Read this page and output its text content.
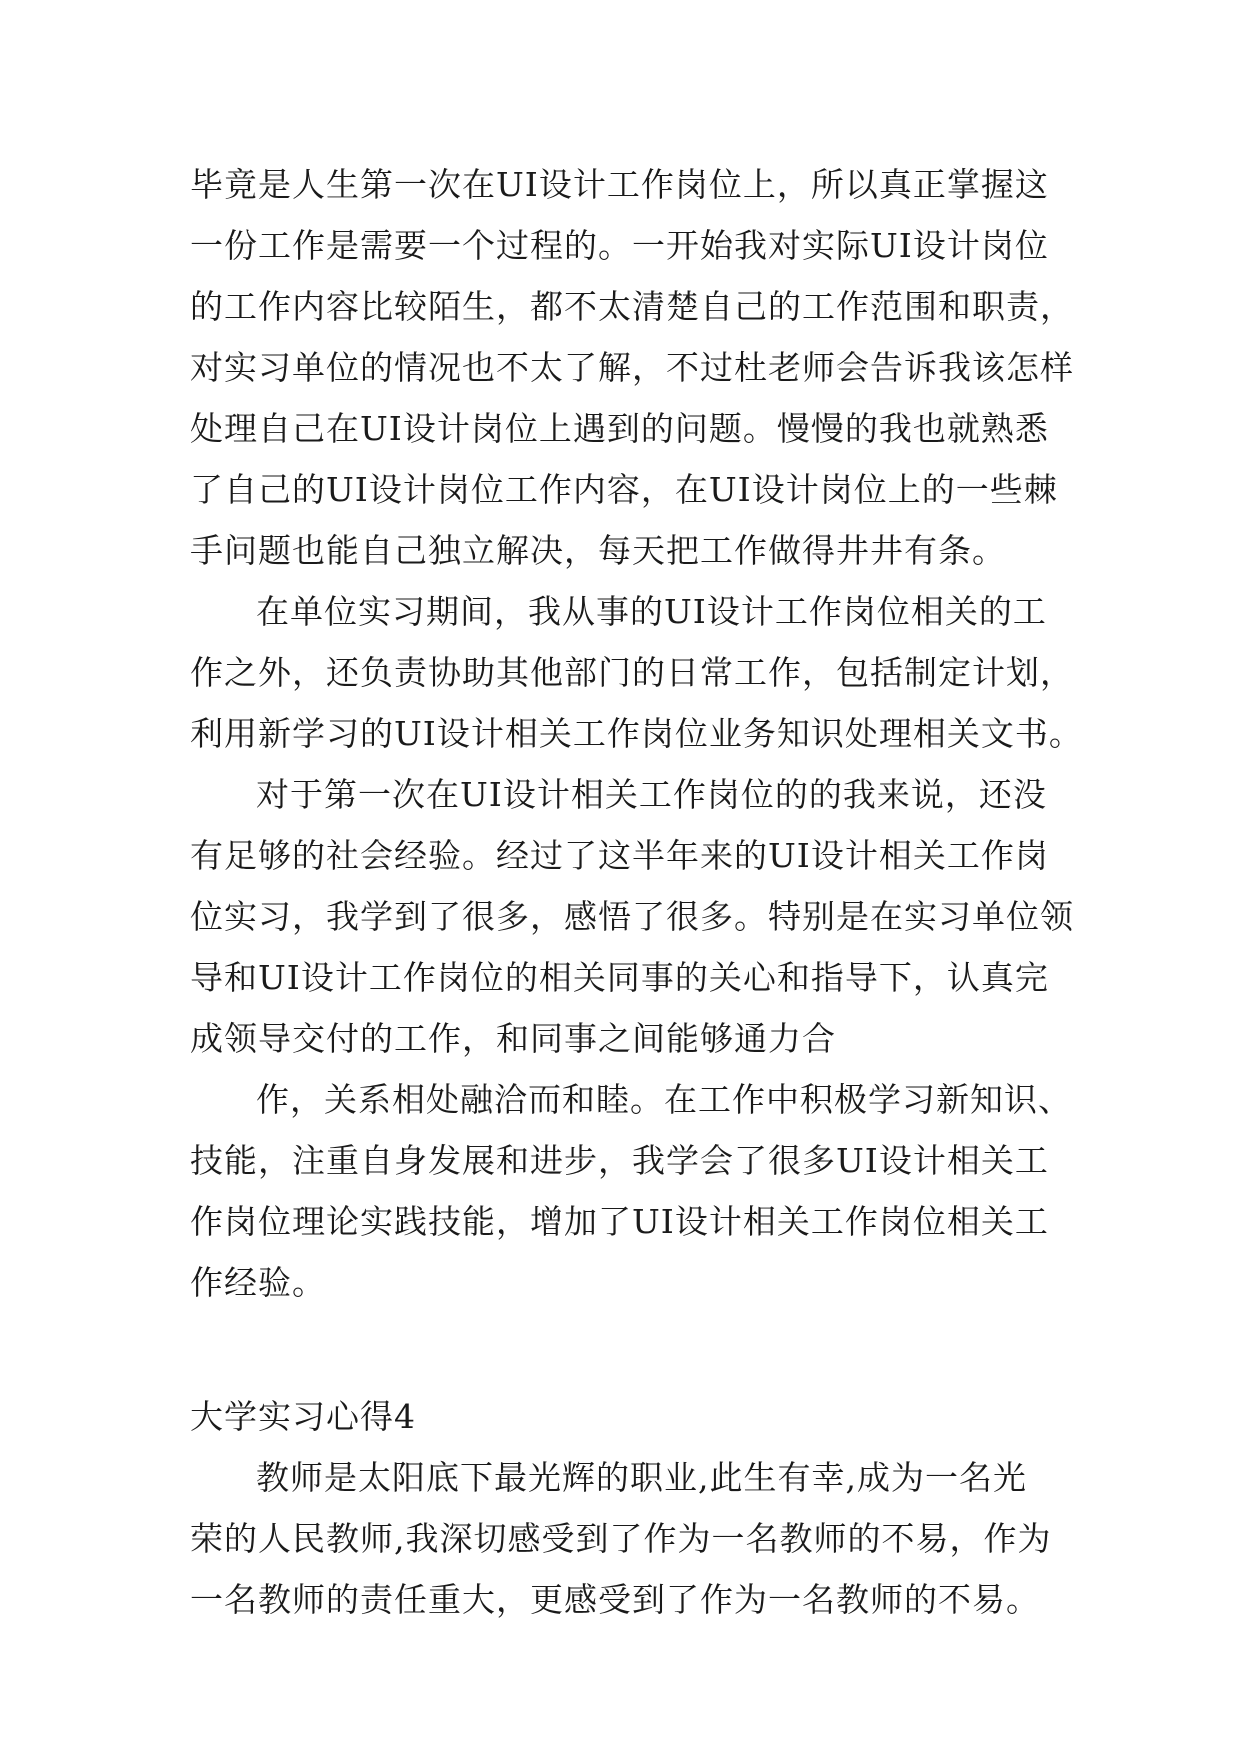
毕竟是人生第一次在UI设计工作岗位上，所以真正掌握这
一份工作是需要一个过程的。一开始我对实际UI设计岗位
的工作内容比较陌生，都不太清楚自己的工作范围和职责，
对实习单位的情况也不太了解，不过杜老师会告诉我该怎样
处理自己在UI设计岗位上遇到的问题。慢慢的我也就熟悉
了自己的UI设计岗位工作内容，在UI设计岗位上的一些棘
手问题也能自己独立解决，每天把工作做得井井有条。
在单位实习期间，我从事的UI设计工作岗位相关的工
作之外，还负责协助其他部门的日常工作，包括制定计划，
利用新学习的UI设计相关工作岗位业务知识处理相关文书。
对于第一次在UI设计相关工作岗位的的我来说，还没
有足够的社会经验。经过了这半年来的UI设计相关工作岗
位实习，我学到了很多，感悟了很多。特别是在实习单位领
导和UI设计工作岗位的相关同事的关心和指导下，认真完
成领导交付的工作，和同事之间能够通力合
作，关系相处融洽而和睦。在工作中积极学习新知识、
技能，注重自身发展和进步，我学会了很多UI设计相关工
作岗位理论实践技能，增加了UI设计相关工作岗位相关工
作经验。
大学实习心得4
教师是太阳底下最光辉的职业,此生有幸,成为一名光
荣的人民教师,我深切感受到了作为一名教师的不易，作为
一名教师的责任重大，更感受到了作为一名教师的不易。
